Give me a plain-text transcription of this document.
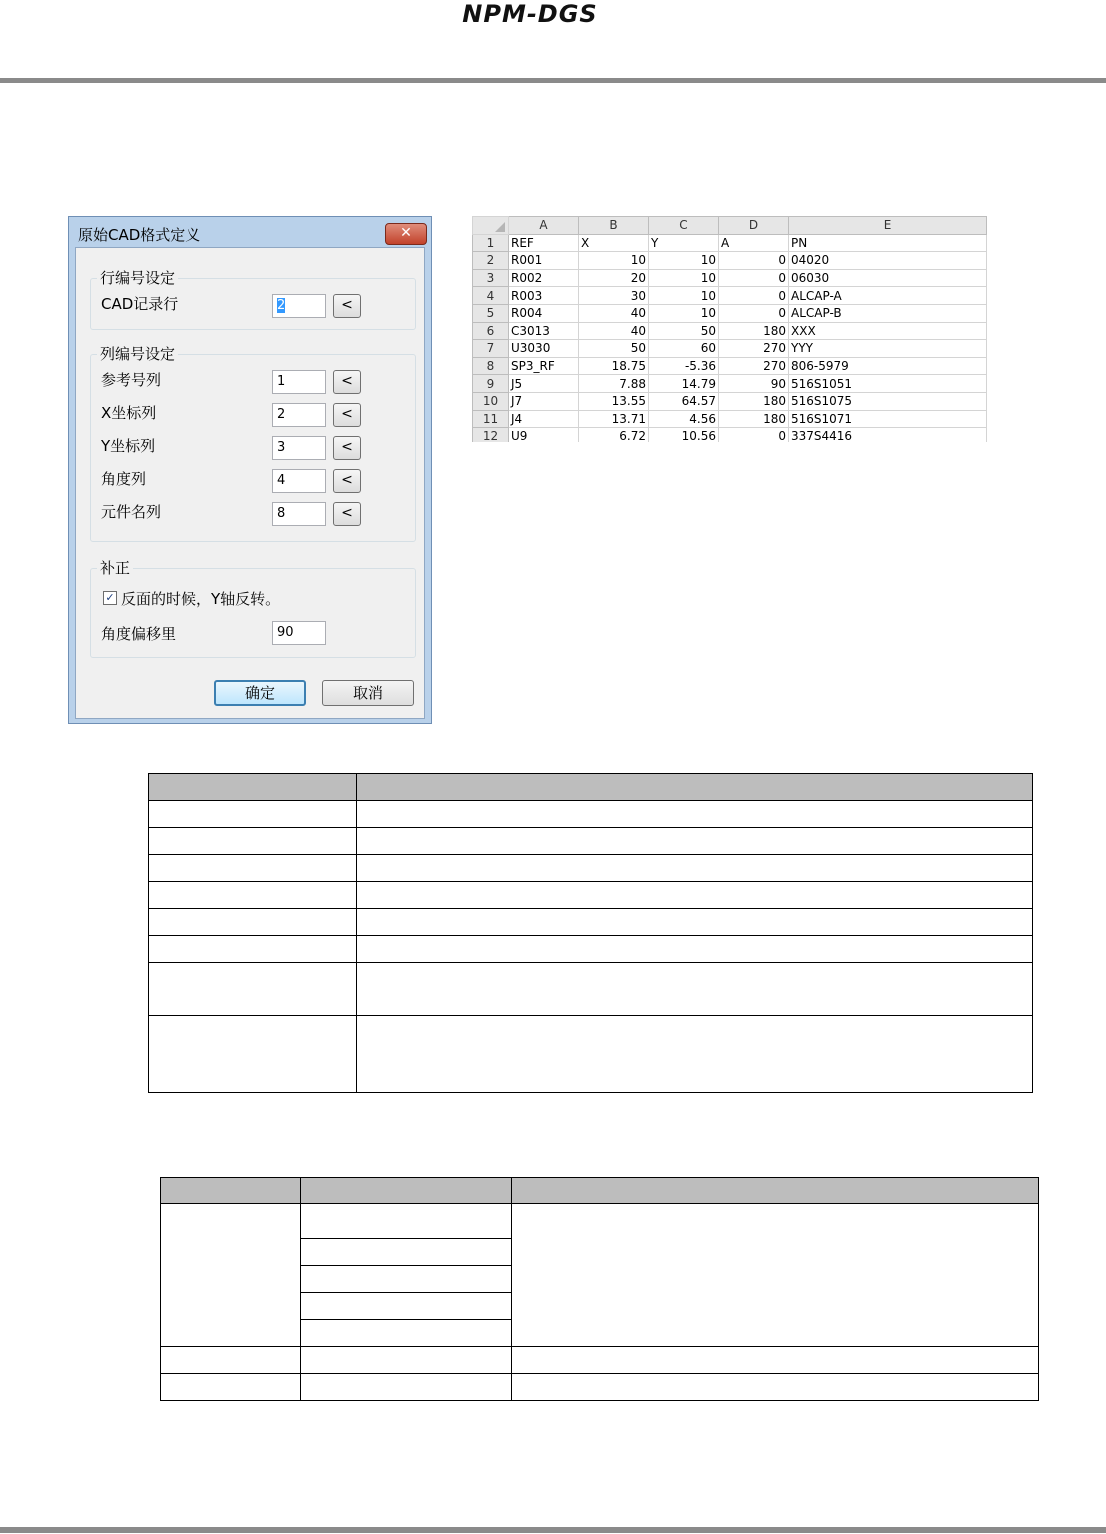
NPM-DGS
原始CAD格式定义	✕
行编号设定
CAD记录行	2	<
列编号设定
参考号列	1	<
X坐标列	2	<
Y坐标列	3	<
角度列	4	<
元件名列	8	<
补正
✓ 反面的时候，Y轴反转。
角度偏移里	90
确定	取消
	A	B	C	D	E
1	REF	X	Y	A	PN
2	R001	10	10	0	04020
3	R002	20	10	0	06030
4	R003	30	10	0	ALCAP-A
5	R004	40	10	0	ALCAP-B
6	C3013	40	50	180	XXX
7	U3030	50	60	270	YYY
8	SP3_RF	18.75	-5.36	270	806-5979
9	J5	7.88	14.79	90	516S1051
10	J7	13.55	64.57	180	516S1075
11	J4	13.71	4.56	180	516S1071
12	U9	6.72	10.56	0	337S4416
